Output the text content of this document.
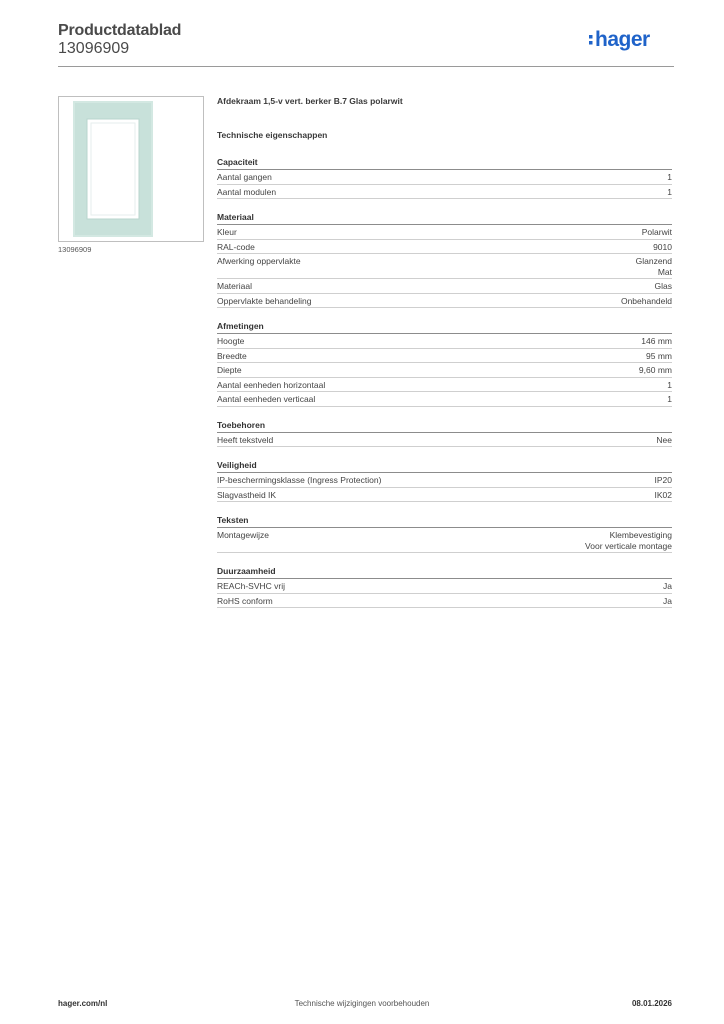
Productdatablad
13096909	hager
13096909
Afdekraam 1,5-v vert. berker B.7 Glas polarwit
Technische eigenschappen
Capaciteit
Aantal gangen	1
Aantal modulen	1
Materiaal
Kleur	Polarwit
RAL-code	9010
Afwerking oppervlakte	Glanzend
Mat
Materiaal	Glas
Oppervlakte behandeling	Onbehandeld
Afmetingen
Hoogte	146 mm
Breedte	95 mm
Diepte	9,60 mm
Aantal eenheden horizontaal	1
Aantal eenheden verticaal	1
Toebehoren
Heeft tekstveld	Nee
Veiligheid
IP-beschermingsklasse (Ingress Protection)	IP20
Slagvastheid IK	IK02
Teksten
Montagewijze	Klembevestiging
Voor verticale montage
Duurzaamheid
REACh-SVHC vrij	Ja
RoHS conform	Ja
hager.com/nl	Technische wijzigingen voorbehouden	08.01.2026
